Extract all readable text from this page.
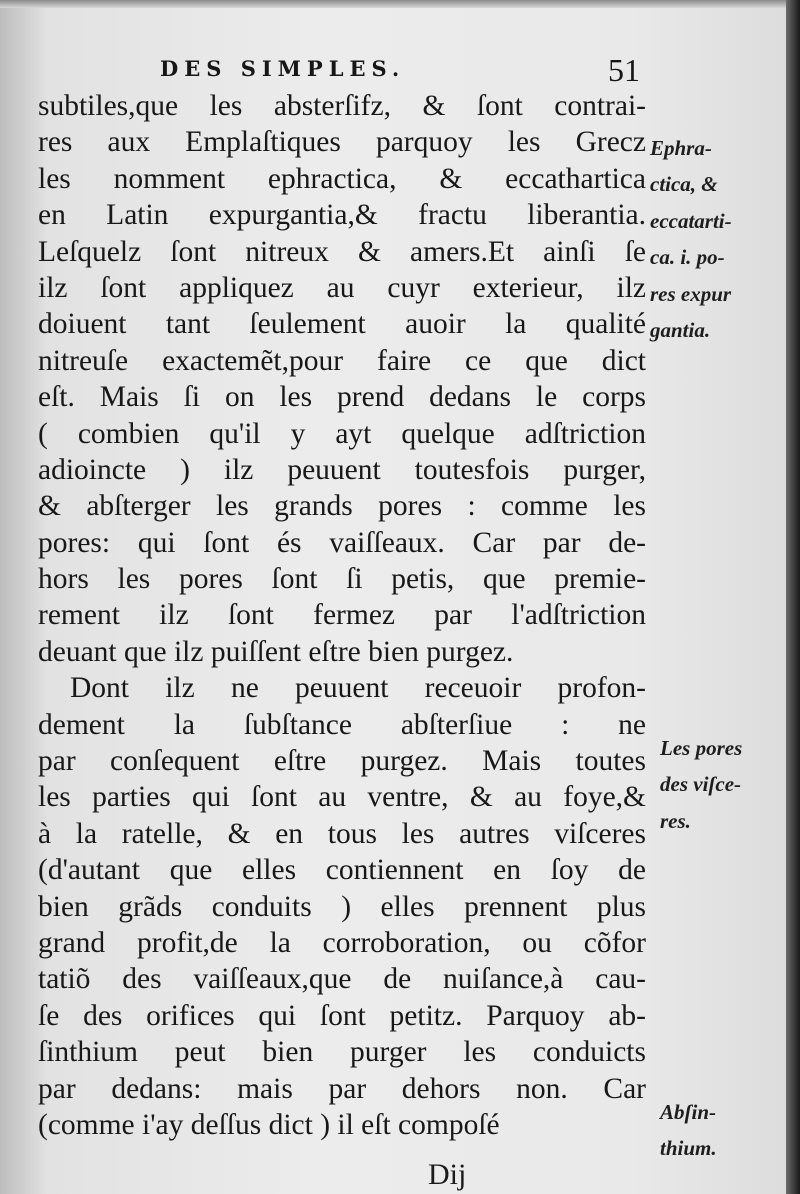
DES SIMPLES.	51
subtiles,que les absterſifz, & ſont contrai-
res aux Emplaſtiques parquoy les Grecz
les nomment ephractica, & eccathartica
en Latin expurgantia,& fractu liberantia.
Leſquelz ſont nitreux & amers.Et ainſi ſe
ilz ſont appliquez au cuyr exterieur, ilz
doiuent tant ſeulement auoir la qualité
nitreuſe exactemẽt,pour faire ce que dict
eſt. Mais ſi on les prend dedans le corps
( combien qu'il y ayt quelque adſtriction
adioincte ) ilz peuuent toutesfois purger,
& abſterger les grands pores : comme les
pores: qui ſont és vaiſſeaux. Car par de-
hors les pores ſont ſi petis, que premie-
rement ilz ſont fermez par l'adſtriction
deuant que ilz puiſſent eſtre bien purgez.
Dont ilz ne peuuent receuoir profon-
dement la ſubſtance abſterſiue : ne
par conſequent eſtre purgez. Mais toutes
les parties qui ſont au ventre, & au foye,&
à la ratelle, & en tous les autres viſceres
(d'autant que elles contiennent en ſoy de
bien grãds conduits ) elles prennent plus
grand profit,de la corroboration, ou cõfor
tatiõ des vaiſſeaux,que de nuiſance,à cau-
ſe des orifices qui ſont petitz. Parquoy ab-
ſinthium peut bien purger les conduicts
par dedans: mais par dehors non. Car
(comme i'ay deſſus dict ) il eſt compoſé
Ephra-
ctica, &
eccatarti-
ca. i. po-
res expur
gantia.
Les pores
des viſce-
res.
Abſin-
thium.
Dij
